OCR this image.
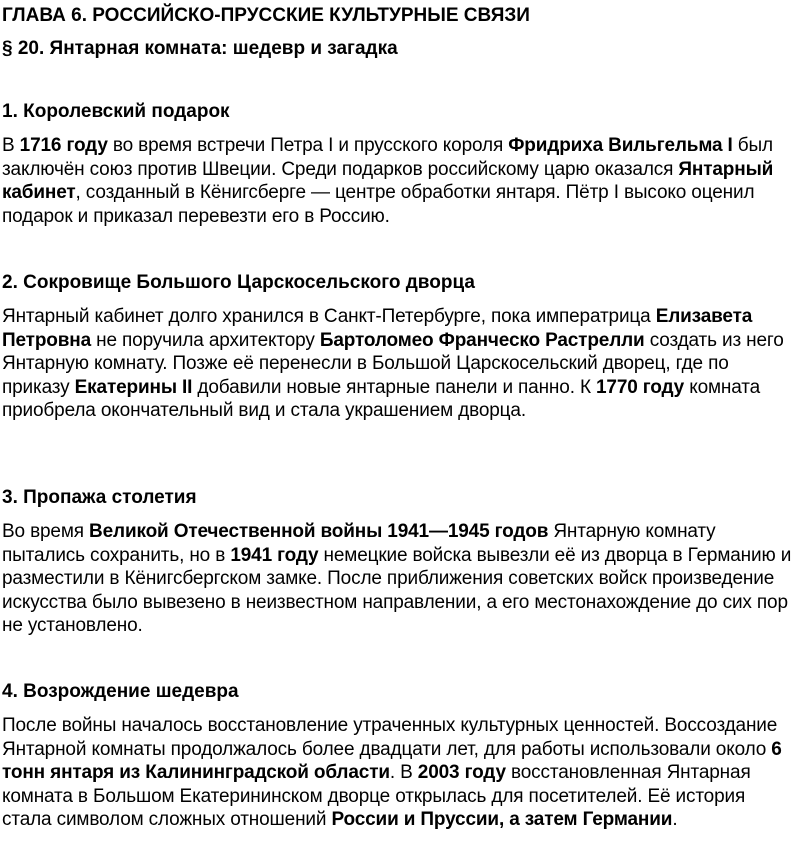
ГЛАВА 6. РОССИЙСКО-ПРУССКИЕ КУЛЬТУРНЫЕ СВЯЗИ
§ 20. Янтарная комната: шедевр и загадка
1. Королевский подарок

В 1716 году во время встречи Петра I и прусского короля Фридриха Вильгельма I был заключён союз против Швеции. Среди подарков российскому царю оказался Янтарный кабинет, созданный в Кёнигсберге — центре обработки янтаря. Пётр I высоко оценил подарок и приказал перевезти его в Россию.

2. Сокровище Большого Царскосельского дворца

Янтарный кабинет долго хранился в Санкт-Петербурге, пока императрица Елизавета Петровна не поручила архитектору Бартоломео Франческо Растрелли создать из него Янтарную комнату. Позже её перенесли в Большой Царскосельский дворец, где по приказу Екатерины II добавили новые янтарные панели и панно. К 1770 году комната приобрела окончательный вид и стала украшением дворца.

3. Пропажа столетия

Во время Великой Отечественной войны 1941—1945 годов Янтарную комнату пытались сохранить, но в 1941 году немецкие войска вывезли её из дворца в Германию и разместили в Кёнигсбергском замке. После приближения советских войск произведение искусства было вывезено в неизвестном направлении, а его местонахождение до сих пор не установлено.

4. Возрождение шедевра

После войны началось восстановление утраченных культурных ценностей. Воссоздание Янтарной комнаты продолжалось более двадцати лет, для работы использовали около 6 тонн янтаря из Калининградской области. В 2003 году восстановленная Янтарная комната в Большом Екатерининском дворце открылась для посетителей. Её история стала символом сложных отношений России и Пруссии, а затем Германии.
